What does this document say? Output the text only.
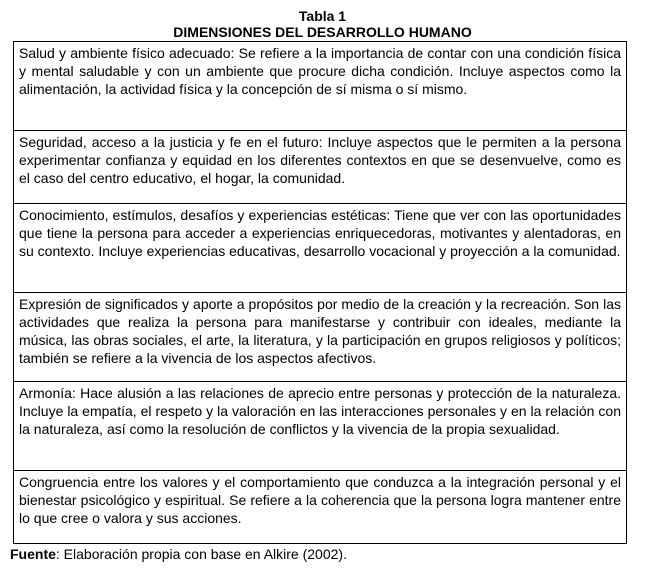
Tabla 1
DIMENSIONES DEL DESARROLLO HUMANO

Salud y ambiente físico adecuado: Se refiere a la importancia de contar con una condición física y mental saludable y con un ambiente que procure dicha condición. Incluye aspectos como la alimentación, la actividad física y la concepción de sí misma o sí mismo.

Seguridad, acceso a la justicia y fe en el futuro: Incluye aspectos que le permiten a la persona experimentar confianza y equidad en los diferentes contextos en que se desenvuelve, como es el caso del centro educativo, el hogar, la comunidad.

Conocimiento, estímulos, desafíos y experiencias estéticas: Tiene que ver con las oportunidades que tiene la persona para acceder a experiencias enriquecedoras, motivantes y alentadoras, en su contexto. Incluye experiencias educativas, desarrollo vocacional y proyección a la comunidad.

Expresión de significados y aporte a propósitos por medio de la creación y la recreación. Son las actividades que realiza la persona para manifestarse y contribuir con ideales, mediante la música, las obras sociales, el arte, la literatura, y la participación en grupos religiosos y políticos; también se refiere a la vivencia de los aspectos afectivos.

Armonía: Hace alusión a las relaciones de aprecio entre personas y protección de la naturaleza. Incluye la empatía, el respeto y la valoración en las interacciones personales y en la relación con la naturaleza, así como la resolución de conflictos y la vivencia de la propia sexualidad.

Congruencia entre los valores y el comportamiento que conduzca a la integración personal y el bienestar psicológico y espiritual. Se refiere a la coherencia que la persona logra mantener entre lo que cree o valora y sus acciones.

Fuente: Elaboración propia con base en Alkire (2002).
